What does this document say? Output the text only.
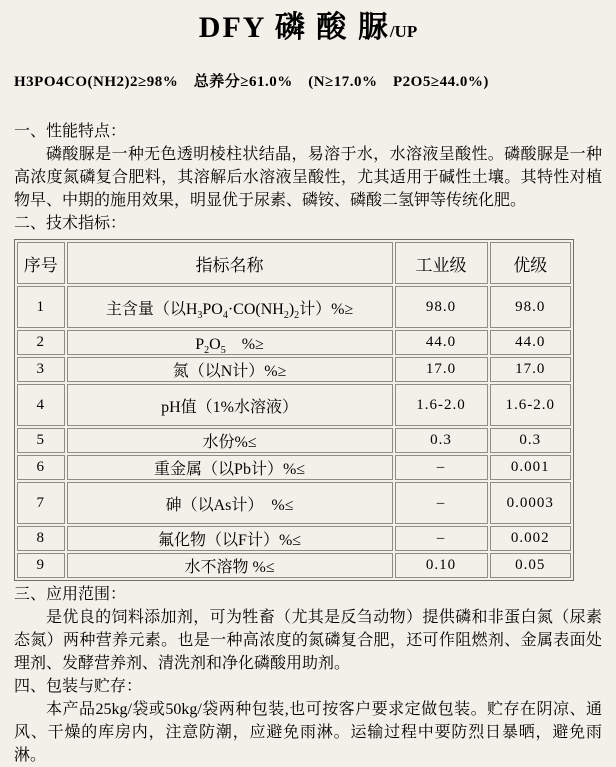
DFY 磷 酸 脲/UP
H3PO4CO(NH2)2≥98%　总养分≥61.0%　(N≥17.0%　P2O5≥44.0%)
一、性能特点：

磷酸脲是一种无色透明棱柱状结晶，易溶于水，水溶液呈酸性。磷酸脲是一种高浓度氮磷复合肥料，其溶解后水溶液呈酸性，尤其适用于碱性土壤。其特性对植物早、中期的施用效果，明显优于尿素、磷铵、磷酸二氢钾等传统化肥。

二、技术指标：
序号	指标名称	工业级	优级
1	主含量（以$H_3PO_4\cdot CO(NH_2)_2$计）%≥	98.0	98.0
2	$P_2O_5$　%≥	44.0	44.0
3	氮（以N计）%≥	17.0	17.0
4	pH值（1%水溶液）	1.6-2.0	1.6-2.0
5	水份%≤	0.3	0.3
6	重金属（以Pb计）%≤	–	0.001
7	砷（以As计）　%≤	–	0.0003
8	氟化物（以F计）%≤	–	0.002
9	水不溶物 %≤	0.10	0.05
三、应用范围：

是优良的饲料添加剂，可为牲畜（尤其是反刍动物）提供磷和非蛋白氮（尿素态氮）两种营养元素。也是一种高浓度的氮磷复合肥，还可作阻燃剂、金属表面处理剂、发酵营养剂、清洗剂和净化磷酸用助剂。

四、包装与贮存：

本产品25kg/袋或50kg/袋两种包装,也可按客户要求定做包装。贮存在阴凉、通风、干燥的库房内，注意防潮，应避免雨淋。运输过程中要防烈日暴晒，避免雨淋。
